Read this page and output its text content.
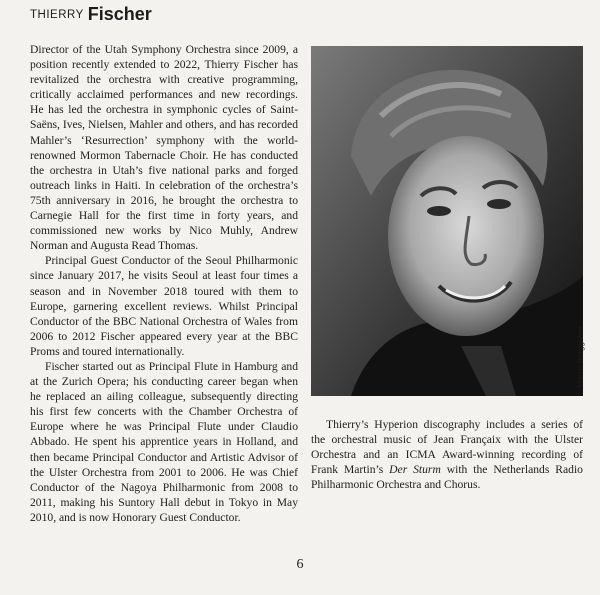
THIERRY Fischer

Director of the Utah Symphony Orchestra since 2009, a position recently extended to 2022, Thierry Fischer has revitalized the orchestra with creative programming, critically acclaimed performances and new recordings. He has led the orchestra in symphonic cycles of Saint-Saëns, Ives, Nielsen, Mahler and others, and has recorded Mahler’s ‘Resurrection’ symphony with the world-renowned Mormon Tabernacle Choir. He has conducted the orchestra in Utah’s five national parks and forged outreach links in Haiti. In celebration of the orchestra’s 75th anniversary in 2016, he brought the orchestra to Carnegie Hall for the first time in forty years, and commissioned new works by Nico Muhly, Andrew Norman and Augusta Read Thomas.

Principal Guest Conductor of the Seoul Philharmonic since January 2017, he visits Seoul at least four times a season and in November 2018 toured with them to Europe, garnering excellent reviews. Whilst Principal Conductor of the BBC National Orchestra of Wales from 2006 to 2012 Fischer appeared every year at the BBC Proms and toured internationally.

Fischer started out as Principal Flute in Hamburg and at the Zurich Opera; his conducting career began when he replaced an ailing colleague, subsequently directing his first few concerts with the Chamber Orchestra of Europe where he was Principal Flute under Claudio Abbado. He spent his apprentice years in Holland, and then became Principal Conductor and Artistic Advisor of the Ulster Orchestra from 2001 to 2006. He was Chief Conductor of the Nagoya Philharmonic from 2008 to 2011, making his Suntory Hall debut in Tokyo in May 2010, and is now Honorary Guest Conductor.

© Marco Borggreve

Thierry’s Hyperion discography includes a series of the orchestral music of Jean Françaix with the Ulster Orchestra and an ICMA Award-winning recording of Frank Martin’s Der Sturm with the Netherlands Radio Philharmonic Orchestra and Chorus.

6
